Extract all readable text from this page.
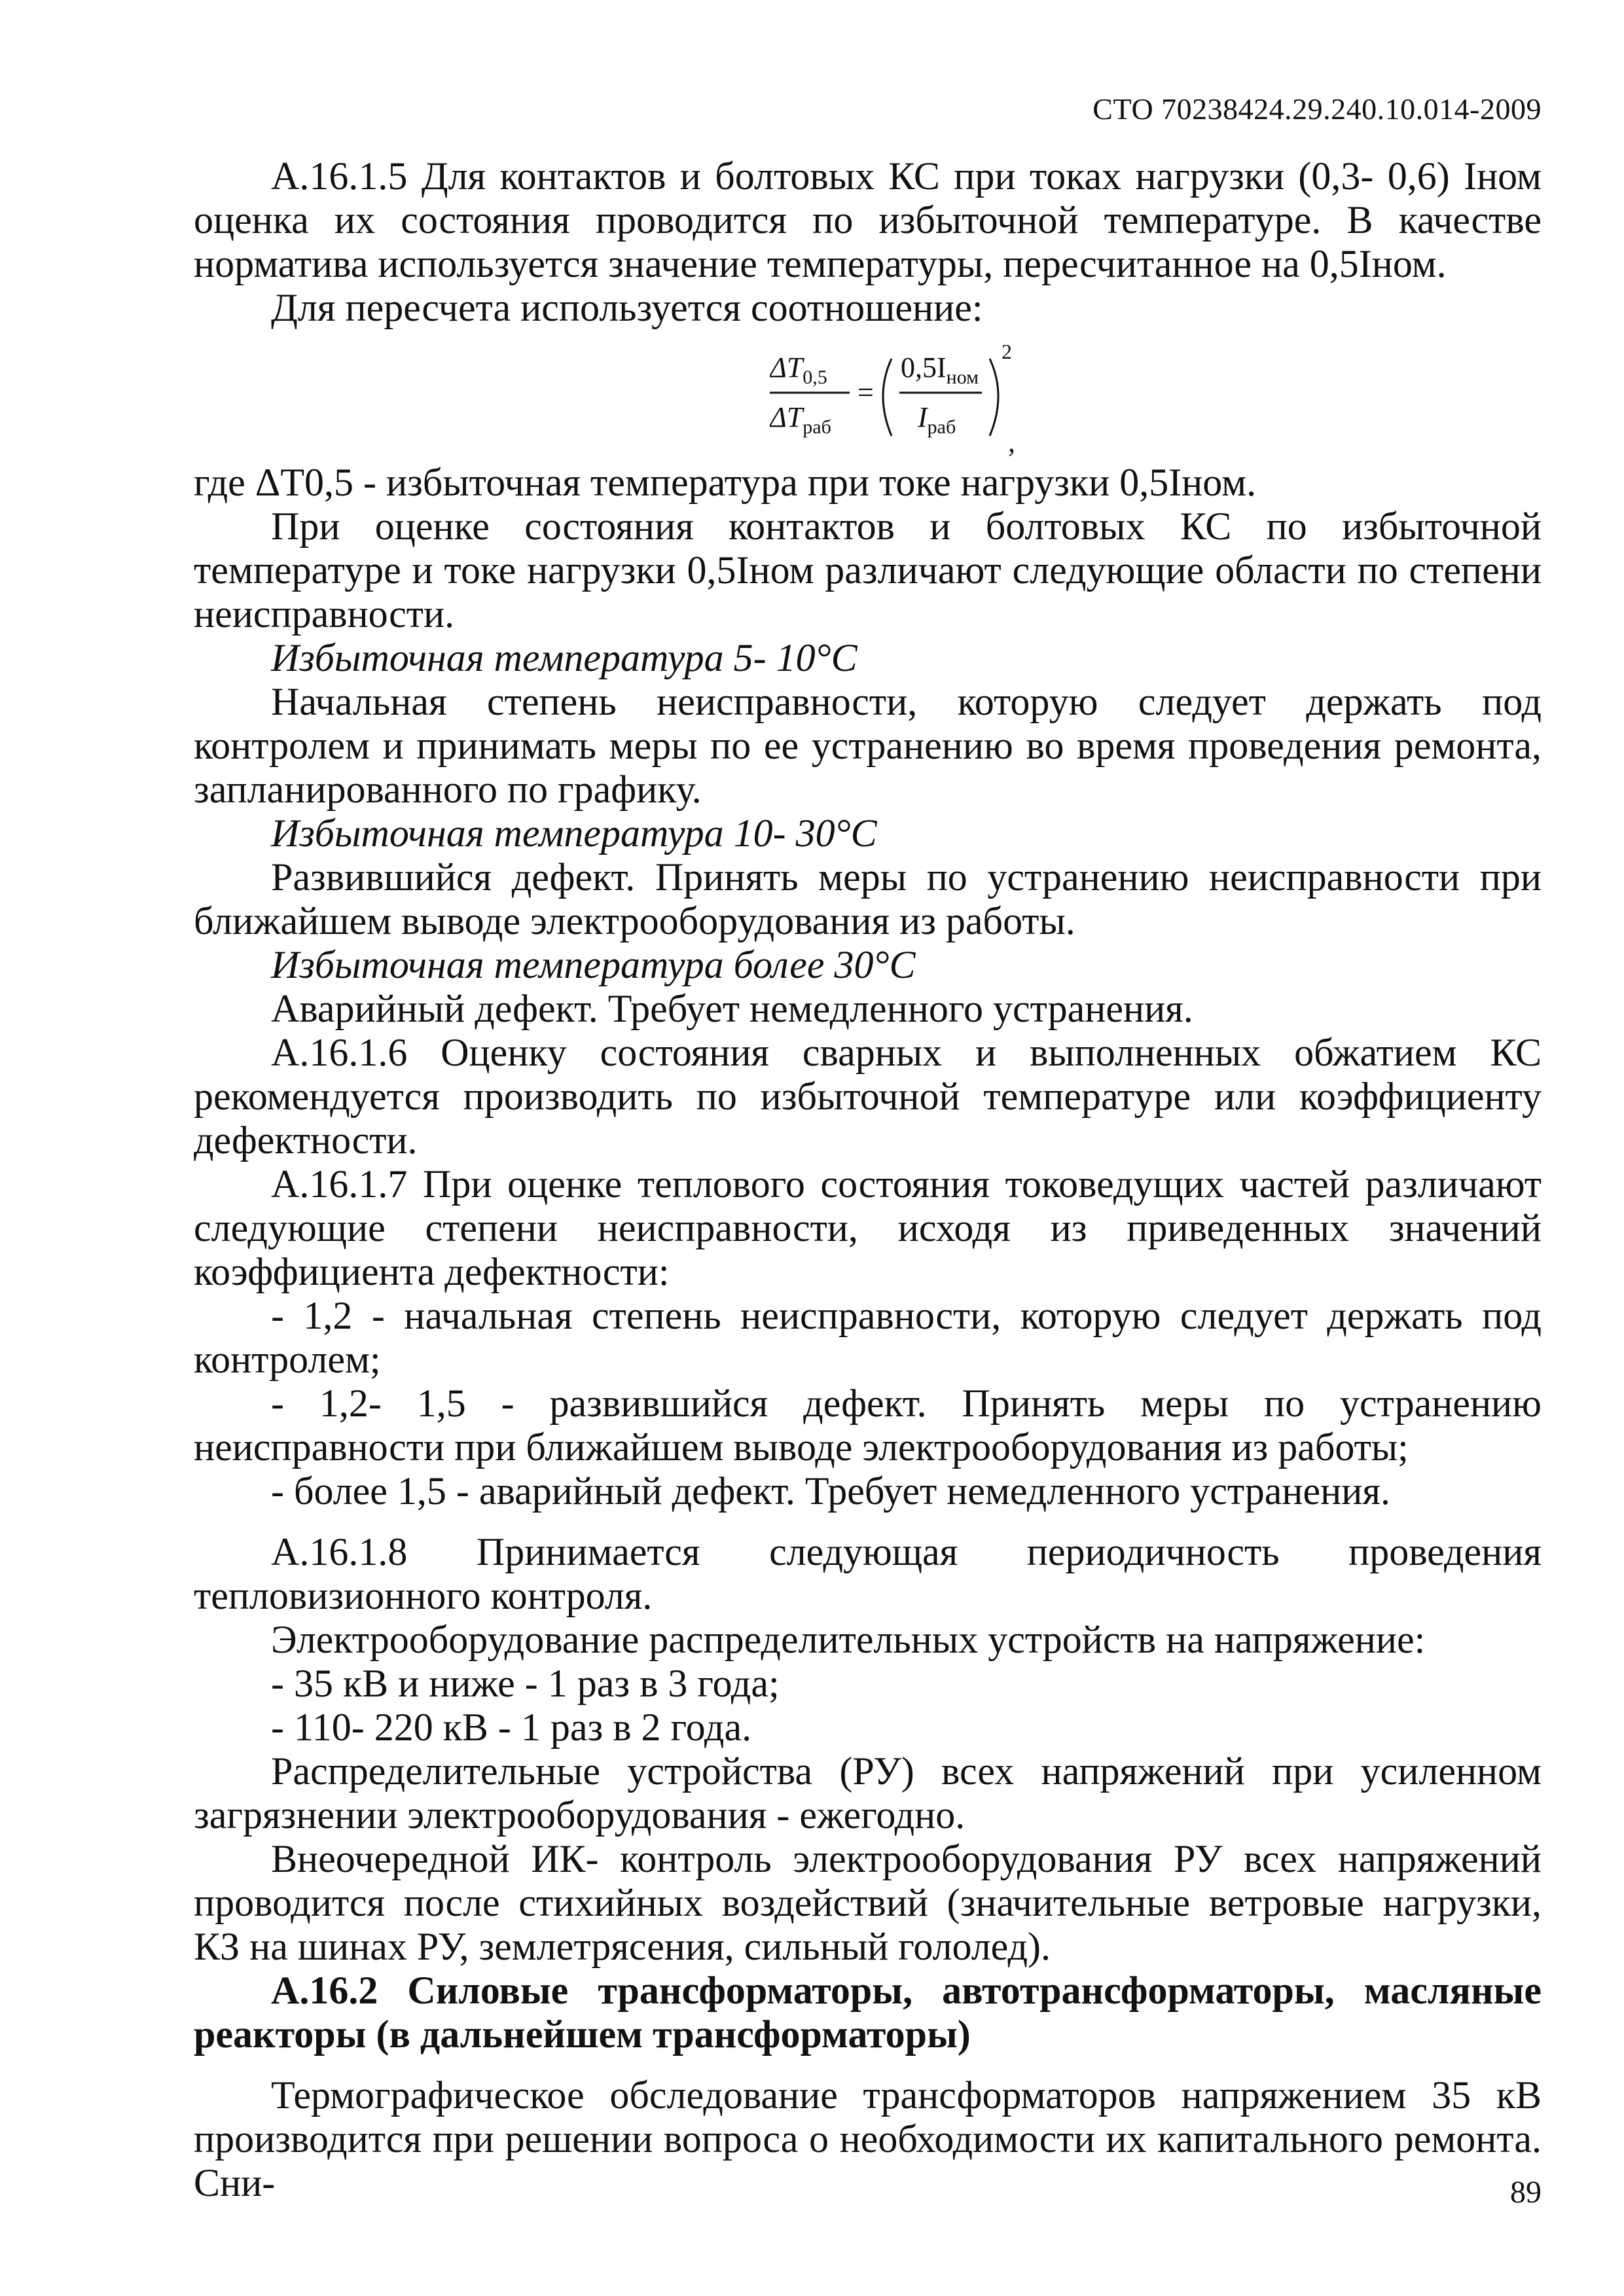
СТО 70238424.29.240.10.014-2009

А.16.1.5 Для контактов и болтовых КС при токах нагрузки (0,3- 0,6) Iном оценка их состояния проводится по избыточной температуре. В качестве норматива используется значение температуры, пересчитанное на 0,5Iном.

Для пересчета используется соотношение:

$\Delta T_{0,5}$
$\Delta T_{раб}$
=
$0,5I_{ном}$
$I_{раб}$
2
,

где ΔТ0,5 - избыточная температура при токе нагрузки 0,5Iном.

При оценке состояния контактов и болтовых КС по избыточной температуре и токе нагрузки 0,5Iном различают следующие области по степени неисправности.

Избыточная температура 5- 10°С

Начальная степень неисправности, которую следует держать под контролем и принимать меры по ее устранению во время проведения ремонта, запланированного по графику.

Избыточная температура 10- 30°С

Развившийся дефект. Принять меры по устранению неисправности при ближайшем выводе электрооборудования из работы.

Избыточная температура более 30°С

Аварийный дефект. Требует немедленного устранения.

А.16.1.6 Оценку состояния сварных и выполненных обжатием КС рекомендуется производить по избыточной температуре или коэффициенту дефектности.

А.16.1.7 При оценке теплового состояния токоведущих частей различают следующие степени неисправности, исходя из приведенных значений коэффициента дефектности:

- 1,2 - начальная степень неисправности, которую следует держать под контролем;

- 1,2- 1,5 - развившийся дефект. Принять меры по устранению неисправности при ближайшем выводе электрооборудования из работы;

- более 1,5 - аварийный дефект. Требует немедленного устранения.

А.16.1.8 Принимается следующая периодичность проведения тепловизионного контроля.

Электрооборудование распределительных устройств на напряжение:

- 35 кВ и ниже - 1 раз в 3 года;

- 110- 220 кВ - 1 раз в 2 года.

Распределительные устройства (РУ) всех напряжений при усиленном загрязнении электрооборудования - ежегодно.

Внеочередной ИК- контроль электрооборудования РУ всех напряжений проводится после стихийных воздействий (значительные ветровые нагрузки, КЗ на шинах РУ, землетрясения, сильный гололед).

А.16.2 Силовые трансформаторы, автотрансформаторы, масляные реакторы (в дальнейшем трансформаторы)

Термографическое обследование трансформаторов напряжением 35 кВ производится при решении вопроса о необходимости их капитального ремонта. Сни-	89
